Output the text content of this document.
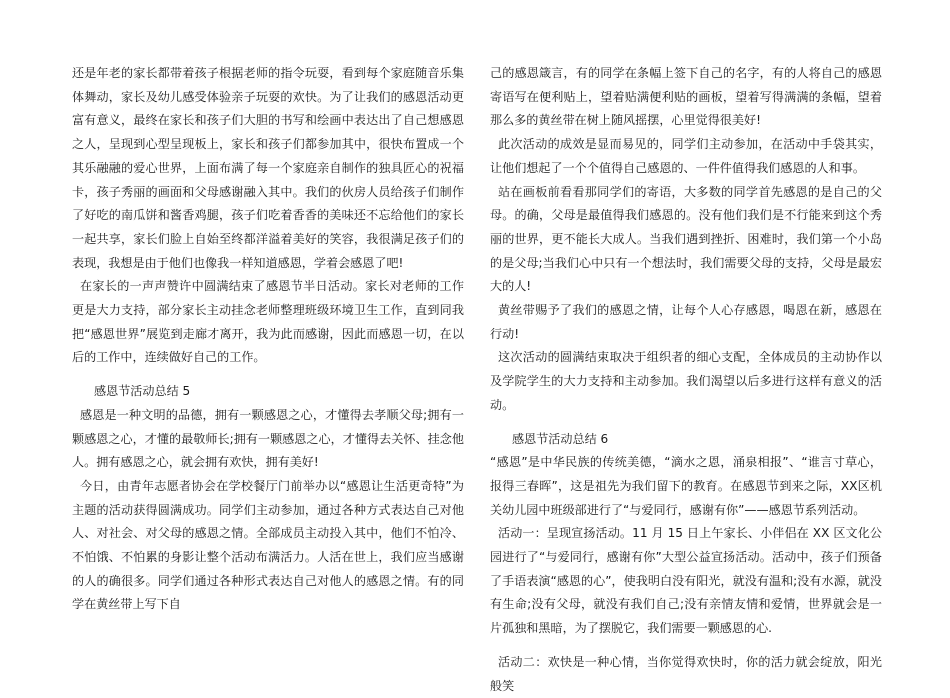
还是年老的家长都带着孩子根据老师的指令玩耍，看到每个家庭随音乐集体舞动，家长及幼儿感受体验亲子玩耍的欢快。为了让我们的感恩活动更富有意义，最终在家长和孩子们大胆的书写和绘画中表达出了自己想感恩之人，呈现到心型呈现板上，家长和孩子们都参加其中，很快布置成一个其乐融融的爱心世界，上面布满了每一个家庭亲自制作的独具匠心的祝福卡，孩子秀丽的画面和父母感谢融入其中。我们的伙房人员给孩子们制作了好吃的南瓜饼和酱香鸡腿，孩子们吃着香香的美味还不忘给他们的家长一起共享，家长们脸上自始至终都洋溢着美好的笑容，我很满足孩子们的表现，我想是由于他们也像我一样知道感恩，学着会感恩了吧!

在家长的一声声赞许中圆满结束了感恩节半日活动。家长对老师的工作更是大力支持，部分家长主动挂念老师整理班级环境卫生工作，直到同我把“感恩世界”展览到走廊才离开，我为此而感谢，因此而感恩一切，在以后的工作中，连续做好自己的工作。

感恩节活动总结 5

感恩是一种文明的品德，拥有一颗感恩之心，才懂得去孝顺父母;拥有一颗感恩之心，才懂的最敬师长;拥有一颗感恩之心，才懂得去关怀、挂念他人。拥有感恩之心，就会拥有欢快，拥有美好!

今日，由青年志愿者协会在学校餐厅门前举办以“感恩让生活更奇特”为主题的活动获得圆满成功。同学们主动参加，通过各种方式表达自己对他人、对社会、对父母的感恩之情。全部成员主动投入其中，他们不怕冷、不怕饿、不怕累的身影让整个活动布满活力。人活在世上，我们应当感谢的人的确很多。同学们通过各种形式表达自己对他人的感恩之情。有的同学在黄丝带上写下自

己的感恩箴言，有的同学在条幅上签下自己的名字，有的人将自己的感恩寄语写在便利贴上，望着贴满便利贴的画板，望着写得满满的条幅，望着那么多的黄丝带在树上随风摇摆，心里觉得很美好!

此次活动的成效是显而易见的，同学们主动参加，在活动中手袋其实，让他们想起了一个个值得自己感恩的、一件件值得我们感恩的人和事。

站在画板前看看那同学们的寄语，大多数的同学首先感恩的是自己的父母。的确，父母是最值得我们感恩的。没有他们我们是不行能来到这个秀丽的世界，更不能长大成人。当我们遇到挫折、困难时，我们第一个小岛的是父母;当我们心中只有一个想法时，我们需要父母的支持，父母是最宏大的人!

黄丝带赐予了我们的感恩之情，让每个人心存感恩，喝恩在新，感恩在行动!

这次活动的圆满结束取决于组织者的细心支配，全体成员的主动协作以及学院学生的大力支持和主动参加。我们渴望以后多进行这样有意义的活动。

感恩节活动总结 6

“感恩”是中华民族的传统美德，“滴水之恩，涌泉相报”、“谁言寸草心，报得三春晖”，这是祖先为我们留下的教育。在感恩节到来之际，XX区机关幼儿园中班级部进行了“与爱同行，感谢有你”——感恩节系列活动。

活动一：呈现宣扬活动。11 月 15 日上午家长、小伴侣在 XX 区文化公园进行了“与爱同行，感谢有你”大型公益宣扬活动。活动中，孩子们预备了手语表演“感恩的心”，使我明白没有阳光，就没有温和;没有水源，就没有生命;没有父母，就没有我们自己;没有亲情友情和爱情，世界就会是一片孤独和黑暗，为了摆脱它，我们需要一颗感恩的心.

活动二：欢快是一种心情，当你觉得欢快时，你的活力就会绽放，阳光般笑
